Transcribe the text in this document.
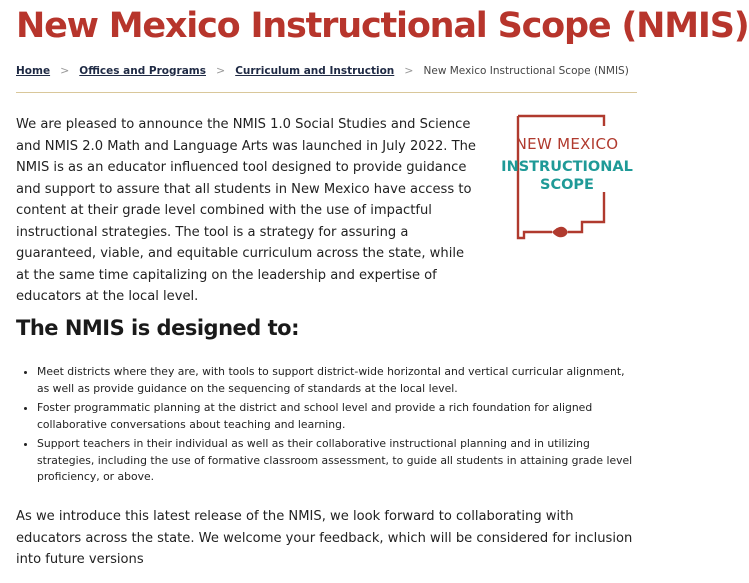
New Mexico Instructional Scope (NMIS)
Home > Offices and Programs > Curriculum and Instruction > New Mexico Instructional Scope (NMIS)

We are pleased to announce the NMIS 1.0 Social Studies and Science and NMIS 2.0 Math and Language Arts was launched in July 2022. The NMIS is as an educator influenced tool designed to provide guidance and support to assure that all students in New Mexico have access to content at their grade level combined with the use of impactful instructional strategies. The tool is a strategy for assuring a guaranteed, viable, and equitable curriculum across the state, while at the same time capitalizing on the leadership and expertise of educators at the local level.

NEW MEXICO
INSTRUCTIONAL
SCOPE
The NMIS is designed to:
• Meet districts where they are, with tools to support district-wide horizontal and vertical curricular alignment, as well as provide guidance on the sequencing of standards at the local level.
• Foster programmatic planning at the district and school level and provide a rich foundation for aligned collaborative conversations about teaching and learning.
• Support teachers in their individual as well as their collaborative instructional planning and in utilizing strategies, including the use of formative classroom assessment, to guide all students in attaining grade level proficiency, or above.

As we introduce this latest release of the NMIS, we look forward to collaborating with educators across the state. We welcome your feedback, which will be considered for inclusion into future versions
